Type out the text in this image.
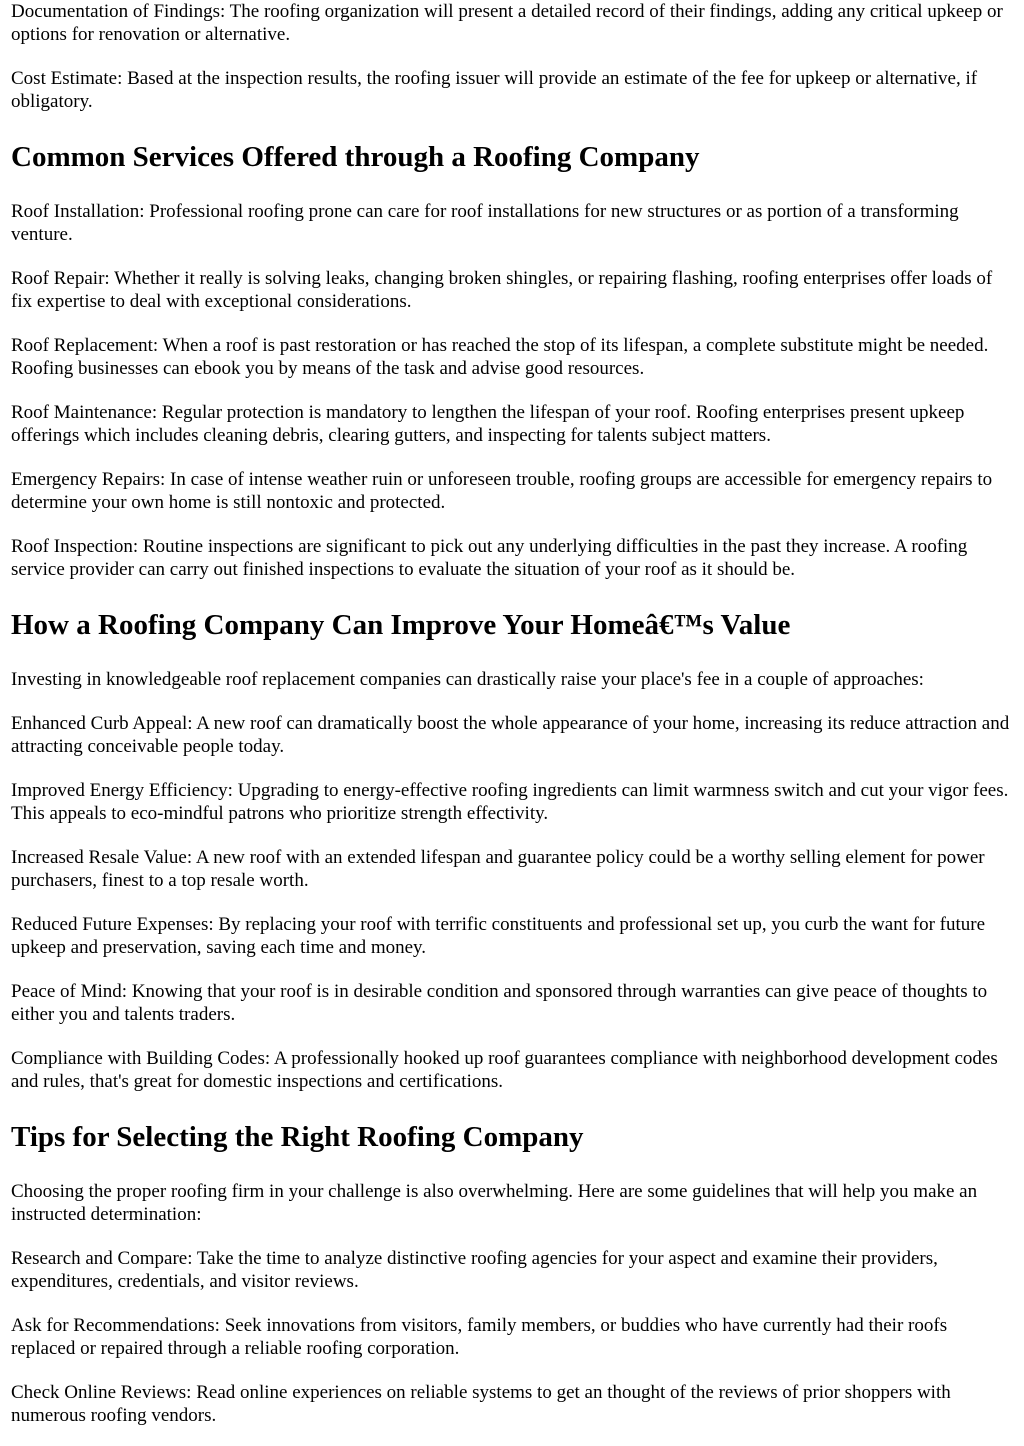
Documentation of Findings: The roofing organization will present a detailed record of their findings, adding any critical upkeep or options for renovation or alternative.

Cost Estimate: Based at the inspection results, the roofing issuer will provide an estimate of the fee for upkeep or alternative, if obligatory.

Common Services Offered through a Roofing Company

Roof Installation: Professional roofing prone can care for roof installations for new structures or as portion of a transforming venture.

Roof Repair: Whether it really is solving leaks, changing broken shingles, or repairing flashing, roofing enterprises offer loads of fix expertise to deal with exceptional considerations.

Roof Replacement: When a roof is past restoration or has reached the stop of its lifespan, a complete substitute might be needed. Roofing businesses can ebook you by means of the task and advise good resources.

Roof Maintenance: Regular protection is mandatory to lengthen the lifespan of your roof. Roofing enterprises present upkeep offerings which includes cleaning debris, clearing gutters, and inspecting for talents subject matters.

Emergency Repairs: In case of intense weather ruin or unforeseen trouble, roofing groups are accessible for emergency repairs to determine your own home is still nontoxic and protected.

Roof Inspection: Routine inspections are significant to pick out any underlying difficulties in the past they increase. A roofing service provider can carry out finished inspections to evaluate the situation of your roof as it should be.

How a Roofing Company Can Improve Your Homeâ€™s Value

Investing in knowledgeable roof replacement companies can drastically raise your place's fee in a couple of approaches:

Enhanced Curb Appeal: A new roof can dramatically boost the whole appearance of your home, increasing its reduce attraction and attracting conceivable people today.

Improved Energy Efficiency: Upgrading to energy-effective roofing ingredients can limit warmness switch and cut your vigor fees. This appeals to eco-mindful patrons who prioritize strength effectivity.

Increased Resale Value: A new roof with an extended lifespan and guarantee policy could be a worthy selling element for power purchasers, finest to a top resale worth.

Reduced Future Expenses: By replacing your roof with terrific constituents and professional set up, you curb the want for future upkeep and preservation, saving each time and money.

Peace of Mind: Knowing that your roof is in desirable condition and sponsored through warranties can give peace of thoughts to either you and talents traders.

Compliance with Building Codes: A professionally hooked up roof guarantees compliance with neighborhood development codes and rules, that's great for domestic inspections and certifications.

Tips for Selecting the Right Roofing Company

Choosing the proper roofing firm in your challenge is also overwhelming. Here are some guidelines that will help you make an instructed determination:

Research and Compare: Take the time to analyze distinctive roofing agencies for your aspect and examine their providers, expenditures, credentials, and visitor reviews.

Ask for Recommendations: Seek innovations from visitors, family members, or buddies who have currently had their roofs replaced or repaired through a reliable roofing corporation.

Check Online Reviews: Read online experiences on reliable systems to get an thought of the reviews of prior shoppers with numerous roofing vendors.
